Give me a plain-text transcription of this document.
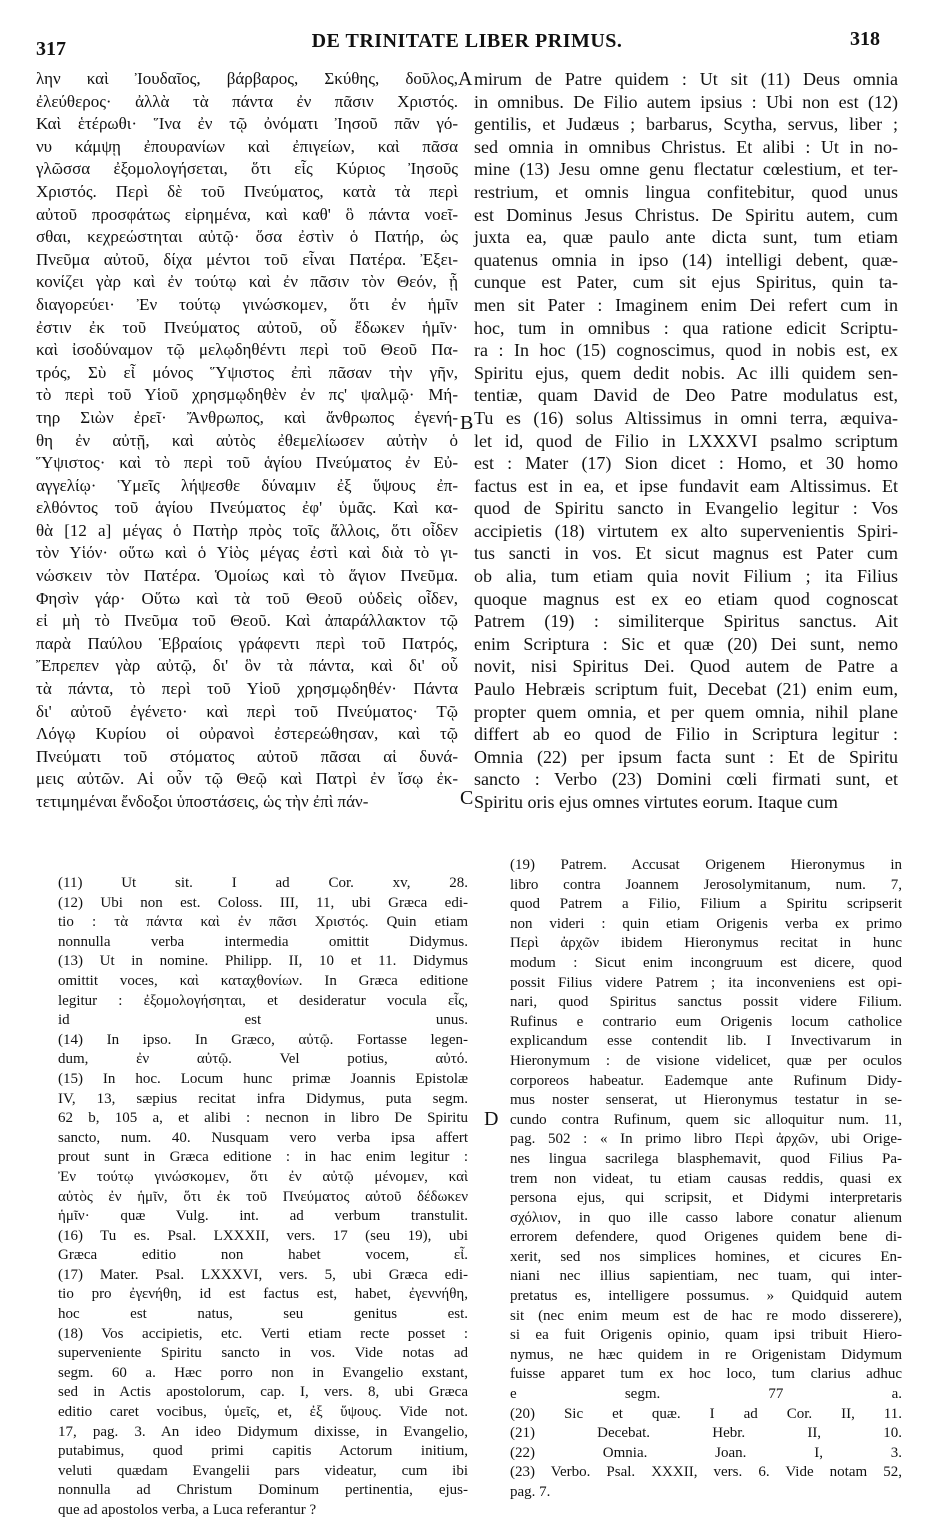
317	DE TRINITATE LIBER PRIMUS.	318
λην καὶ Ἰουδαῖος, βάρβαρος, Σκύθης, δοῦλος,
ἐλεύθερος· ἀλλὰ τὰ πάντα ἐν πᾶσιν Χριστός.
Καὶ ἑτέρωθι· Ἵνα ἐν τῷ ὀνόματι Ἰησοῦ πᾶν γό-
νυ κάμψῃ ἐπουρανίων καὶ ἐπιγείων, καὶ πᾶσα
γλῶσσα ἐξομολογήσεται, ὅτι εἷς Κύριος Ἰησοῦς
Χριστός. Περὶ δὲ τοῦ Πνεύματος, κατὰ τὰ περὶ
αὐτοῦ προσφάτως εἰρημένα, καὶ καθ' ὃ πάντα νοεῖ-
σθαι, κεχρεώστηται αὐτῷ· ὅσα ἐστὶν ὁ Πατήρ, ὡς
Πνεῦμα αὐτοῦ, δίχα μέντοι τοῦ εἶναι Πατέρα. Ἐξει-
κονίζει γὰρ καὶ ἐν τούτῳ καὶ ἐν πᾶσιν τὸν Θεόν, ᾗ
διαγορεύει· Ἐν τούτῳ γινώσκομεν, ὅτι ἐν ἡμῖν
ἐστιν ἐκ τοῦ Πνεύματος αὐτοῦ, οὗ ἔδωκεν ἡμῖν·
καὶ ἰσοδύναμον τῷ μελῳδηθέντι περὶ τοῦ Θεοῦ Πα-
τρός, Σὺ εἶ μόνος Ὕψιστος ἐπὶ πᾶσαν τὴν γῆν,
τὸ περὶ τοῦ Υἱοῦ χρησμῳδηθὲν ἐν πς' ψαλμῷ· Μή-
τηρ Σιὼν ἐρεῖ· Ἄνθρωπος, καὶ ἄνθρωπος ἐγενή-
θη ἐν αὐτῇ, καὶ αὐτὸς ἐθεμελίωσεν αὐτὴν ὁ
Ὕψιστος· καὶ τὸ περὶ τοῦ ἁγίου Πνεύματος ἐν Εὐ-
αγγελίῳ· Ὑμεῖς λήψεσθε δύναμιν ἐξ ὕψους ἐπ-
ελθόντος τοῦ ἁγίου Πνεύματος ἐφ' ὑμᾶς. Καὶ κα-
θὰ [12 a] μέγας ὁ Πατὴρ πρὸς τοῖς ἄλλοις, ὅτι οἶδεν
τὸν Υἱόν· οὕτω καὶ ὁ Υἱὸς μέγας ἐστὶ καὶ διὰ τὸ γι-
νώσκειν τὸν Πατέρα. Ὁμοίως καὶ τὸ ἅγιον Πνεῦμα.
Φησὶν γάρ· Οὕτω καὶ τὰ τοῦ Θεοῦ οὐδεὶς οἶδεν,
εἰ μὴ τὸ Πνεῦμα τοῦ Θεοῦ. Καὶ ἀπαράλλακτον τῷ
παρὰ Παύλου Ἑβραίοις γράφεντι περὶ τοῦ Πατρός,
Ἔπρεπεν γὰρ αὐτῷ, δι' ὃν τὰ πάντα, καὶ δι' οὗ
τὰ πάντα, τὸ περὶ τοῦ Υἱοῦ χρησμῳδηθέν· Πάντα
δι' αὐτοῦ ἐγένετο· καὶ περὶ τοῦ Πνεύματος· Τῷ
Λόγῳ Κυρίου οἱ οὐρανοὶ ἐστερεώθησαν, καὶ τῷ
Πνεύματι τοῦ στόματος αὐτοῦ πᾶσαι αἱ δυνά-
μεις αὐτῶν. Αἱ οὖν τῷ Θεῷ καὶ Πατρὶ ἐν ἴσῳ ἐκ-
τετιμημέναι ἔνδοξοι ὑποστάσεις, ὡς τὴν ἐπὶ πάν-
mirum de Patre quidem : Ut sit (11) Deus omnia
in omnibus. De Filio autem ipsius : Ubi non est (12)
gentilis, et Judæus ; barbarus, Scytha, servus, liber ;
sed omnia in omnibus Christus. Et alibi : Ut in no-
mine (13) Jesu omne genu flectatur cœlestium, et ter-
restrium, et omnis lingua confitebitur, quod unus
est Dominus Jesus Christus. De Spiritu autem, cum
juxta ea, quæ paulo ante dicta sunt, tum etiam
quatenus omnia in ipso (14) intelligi debent, quæ-
cunque est Pater, cum sit ejus Spiritus, quin ta-
men sit Pater : Imaginem enim Dei refert cum in
hoc, tum in omnibus : qua ratione edicit Scriptu-
ra : In hoc (15) cognoscimus, quod in nobis est, ex
Spiritu ejus, quem dedit nobis. Ac illi quidem sen-
tentiæ, quam David de Deo Patre modulatus est,
Tu es (16) solus Altissimus in omni terra, æquiva-
let id, quod de Filio in LXXXVI psalmo scriptum
est : Mater (17) Sion dicet : Homo, et 30 homo
factus est in ea, et ipse fundavit eam Altissimus. Et
quod de Spiritu sancto in Evangelio legitur : Vos
accipietis (18) virtutem ex alto supervenientis Spiri-
tus sancti in vos. Et sicut magnus est Pater cum
ob alia, tum etiam quia novit Filium ; ita Filius
quoque magnus est ex eo etiam quod cognoscat
Patrem (19) : similiterque Spiritus sanctus. Ait
enim Scriptura : Sic et quæ (20) Dei sunt, nemo
novit, nisi Spiritus Dei. Quod autem de Patre a
Paulo Hebræis scriptum fuit, Decebat (21) enim eum,
propter quem omnia, et per quem omnia, nihil plane
differt ab eo quod de Filio in Scriptura legitur :
Omnia (22) per ipsum facta sunt : Et de Spiritu
sancto : Verbo (23) Domini cœli firmati sunt, et
Spiritu oris ejus omnes virtutes eorum. Itaque cum
A
B
C
D
(11) Ut sit. I ad Cor. xv, 28.
(12) Ubi non est. Coloss. III, 11, ubi Græca edi-
tio : τὰ πάντα καὶ ἐν πᾶσι Χριστός. Quin etiam
nonnulla verba intermedia omittit Didymus.
(13) Ut in nomine. Philipp. II, 10 et 11. Didymus
omittit voces, καὶ καταχθονίων. In Græca editione
legitur : ἐξομολογήσηται, et desideratur vocula εἷς,
id est unus.
(14) In ipso. In Græco, αὐτῷ. Fortasse legen-
dum, ἐν αὐτῷ. Vel potius, αὐτό.
(15) In hoc. Locum hunc primæ Joannis Epistolæ
IV, 13, sæpius recitat infra Didymus, puta segm.
62 b, 105 a, et alibi : necnon in libro De Spiritu
sancto, num. 40. Nusquam vero verba ipsa affert
prout sunt in Græca editione : in hac enim legitur :
Ἐν τούτῳ γινώσκομεν, ὅτι ἐν αὐτῷ μένομεν, καὶ
αὐτὸς ἐν ἡμῖν, ὅτι ἐκ τοῦ Πνεύματος αὐτοῦ δέδωκεν
ἡμῖν· quæ Vulg. int. ad verbum transtulit.
(16) Tu es. Psal. LXXXII, vers. 17 (seu 19), ubi
Græca editio non habet vocem, εἶ.
(17) Mater. Psal. LXXXVI, vers. 5, ubi Græca edi-
tio pro ἐγενήθη, id est factus est, habet, ἐγεννήθη,
hoc est natus, seu genitus est.
(18) Vos accipietis, etc. Verti etiam recte posset :
superveniente Spiritu sancto in vos. Vide notas ad
segm. 60 a. Hæc porro non in Evangelio exstant,
sed in Actis apostolorum, cap. I, vers. 8, ubi Græca
editio caret vocibus, ὑμεῖς, et, ἐξ ὕψους. Vide not.
17, pag. 3. An ideo Didymum dixisse, in Evangelio,
putabimus, quod primi capitis Actorum initium,
veluti quædam Evangelii pars videatur, cum ibi
nonnulla ad Christum Dominum pertinentia, ejus-
que ad apostolos verba, a Luca referantur ?
(19) Patrem. Accusat Origenem Hieronymus in
libro contra Joannem Jerosolymitanum, num. 7,
quod Patrem a Filio, Filium a Spiritu scripserit
non videri : quin etiam Origenis verba ex primo
Περὶ ἀρχῶν ibidem Hieronymus recitat in hunc
modum : Sicut enim incongruum est dicere, quod
possit Filius videre Patrem ; ita inconveniens est opi-
nari, quod Spiritus sanctus possit videre Filium.
Rufinus e contrario eum Origenis locum catholice
explicandum esse contendit lib. I Invectivarum in
Hieronymum : de visione videlicet, quæ per oculos
corporeos habeatur. Eademque ante Rufinum Didy-
mus noster senserat, ut Hieronymus testatur in se-
cundo contra Rufinum, quem sic alloquitur num. 11,
pag. 502 : « In primo libro Περὶ ἀρχῶν, ubi Orige-
nes lingua sacrilega blasphemavit, quod Filius Pa-
trem non videat, tu etiam causas reddis, quasi ex
persona ejus, qui scripsit, et Didymi interpretaris
σχόλιον, in quo ille casso labore conatur alienum
errorem defendere, quod Origenes quidem bene di-
xerit, sed nos simplices homines, et cicures En-
niani nec illius sapientiam, nec tuam, qui inter-
pretatus es, intelligere possumus. » Quidquid autem
sit (nec enim meum est de hac re modo disserere),
si ea fuit Origenis opinio, quam ipsi tribuit Hiero-
nymus, ne hæc quidem in re Origenistam Didymum
fuisse apparet tum ex hoc loco, tum clarius adhuc
e segm. 77 a.
(20) Sic et quæ. I ad Cor. II, 11.
(21) Decebat. Hebr. II, 10.
(22) Omnia. Joan. I, 3.
(23) Verbo. Psal. XXXII, vers. 6. Vide notam 52,
pag. 7.
